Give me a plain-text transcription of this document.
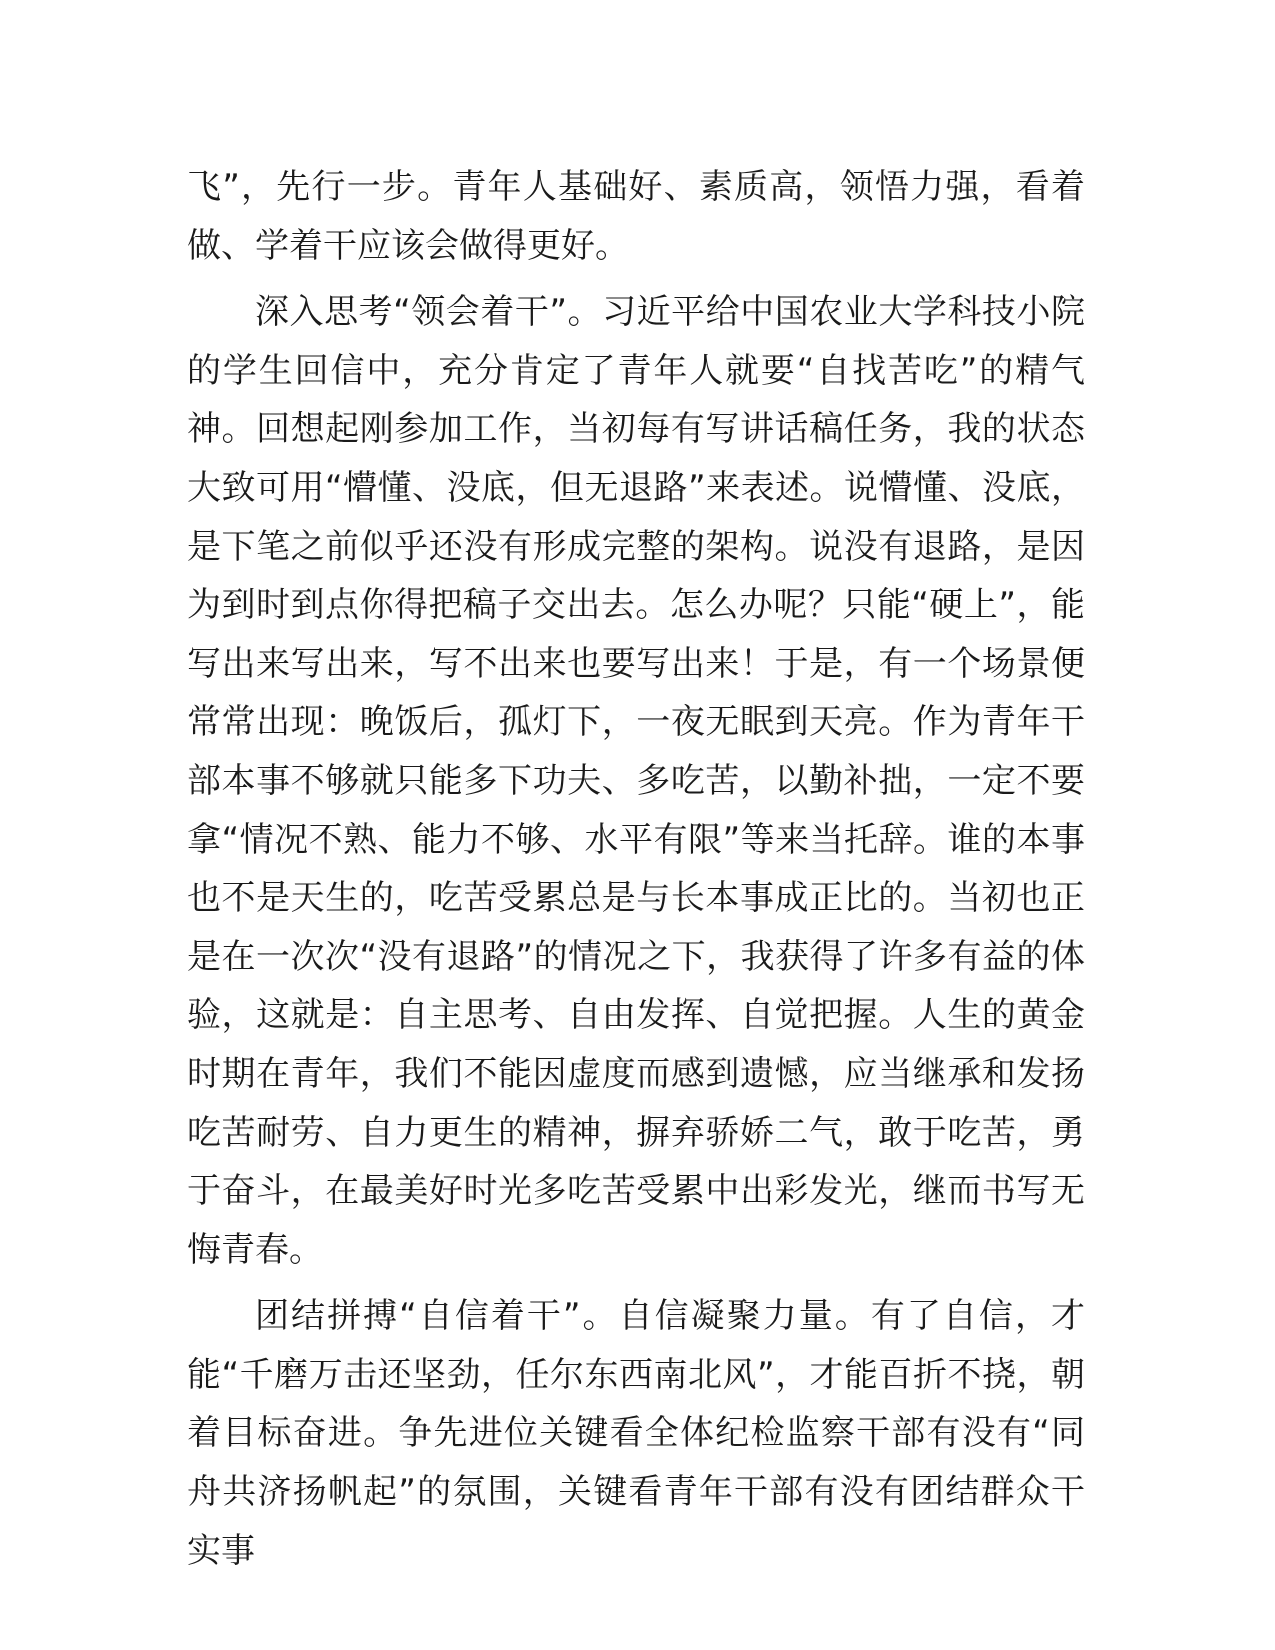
飞”，先行一步。青年人基础好、素质高，领悟力强，看着做、学着干应该会做得更好。

深入思考“领会着干”。习近平给中国农业大学科技小院的学生回信中，充分肯定了青年人就要“自找苦吃”的精气神。回想起刚参加工作，当初每有写讲话稿任务，我的状态大致可用“懵懂、没底，但无退路”来表述。说懵懂、没底，是下笔之前似乎还没有形成完整的架构。说没有退路，是因为到时到点你得把稿子交出去。怎么办呢？只能“硬上”，能写出来写出来，写不出来也要写出来！于是，有一个场景便常常出现：晚饭后，孤灯下，一夜无眠到天亮。作为青年干部本事不够就只能多下功夫、多吃苦，以勤补拙，一定不要拿“情况不熟、能力不够、水平有限”等来当托辞。谁的本事也不是天生的，吃苦受累总是与长本事成正比的。当初也正是在一次次“没有退路”的情况之下，我获得了许多有益的体验，这就是：自主思考、自由发挥、自觉把握。人生的黄金时期在青年，我们不能因虚度而感到遗憾，应当继承和发扬吃苦耐劳、自力更生的精神，摒弃骄娇二气，敢于吃苦，勇于奋斗，在最美好时光多吃苦受累中出彩发光，继而书写无悔青春。

团结拼搏“自信着干”。自信凝聚力量。有了自信，才能“千磨万击还坚劲，任尔东西南北风”，才能百折不挠，朝着目标奋进。争先进位关键看全体纪检监察干部有没有“同舟共济扬帆起”的氛围，关键看青年干部有没有团结群众干实事
